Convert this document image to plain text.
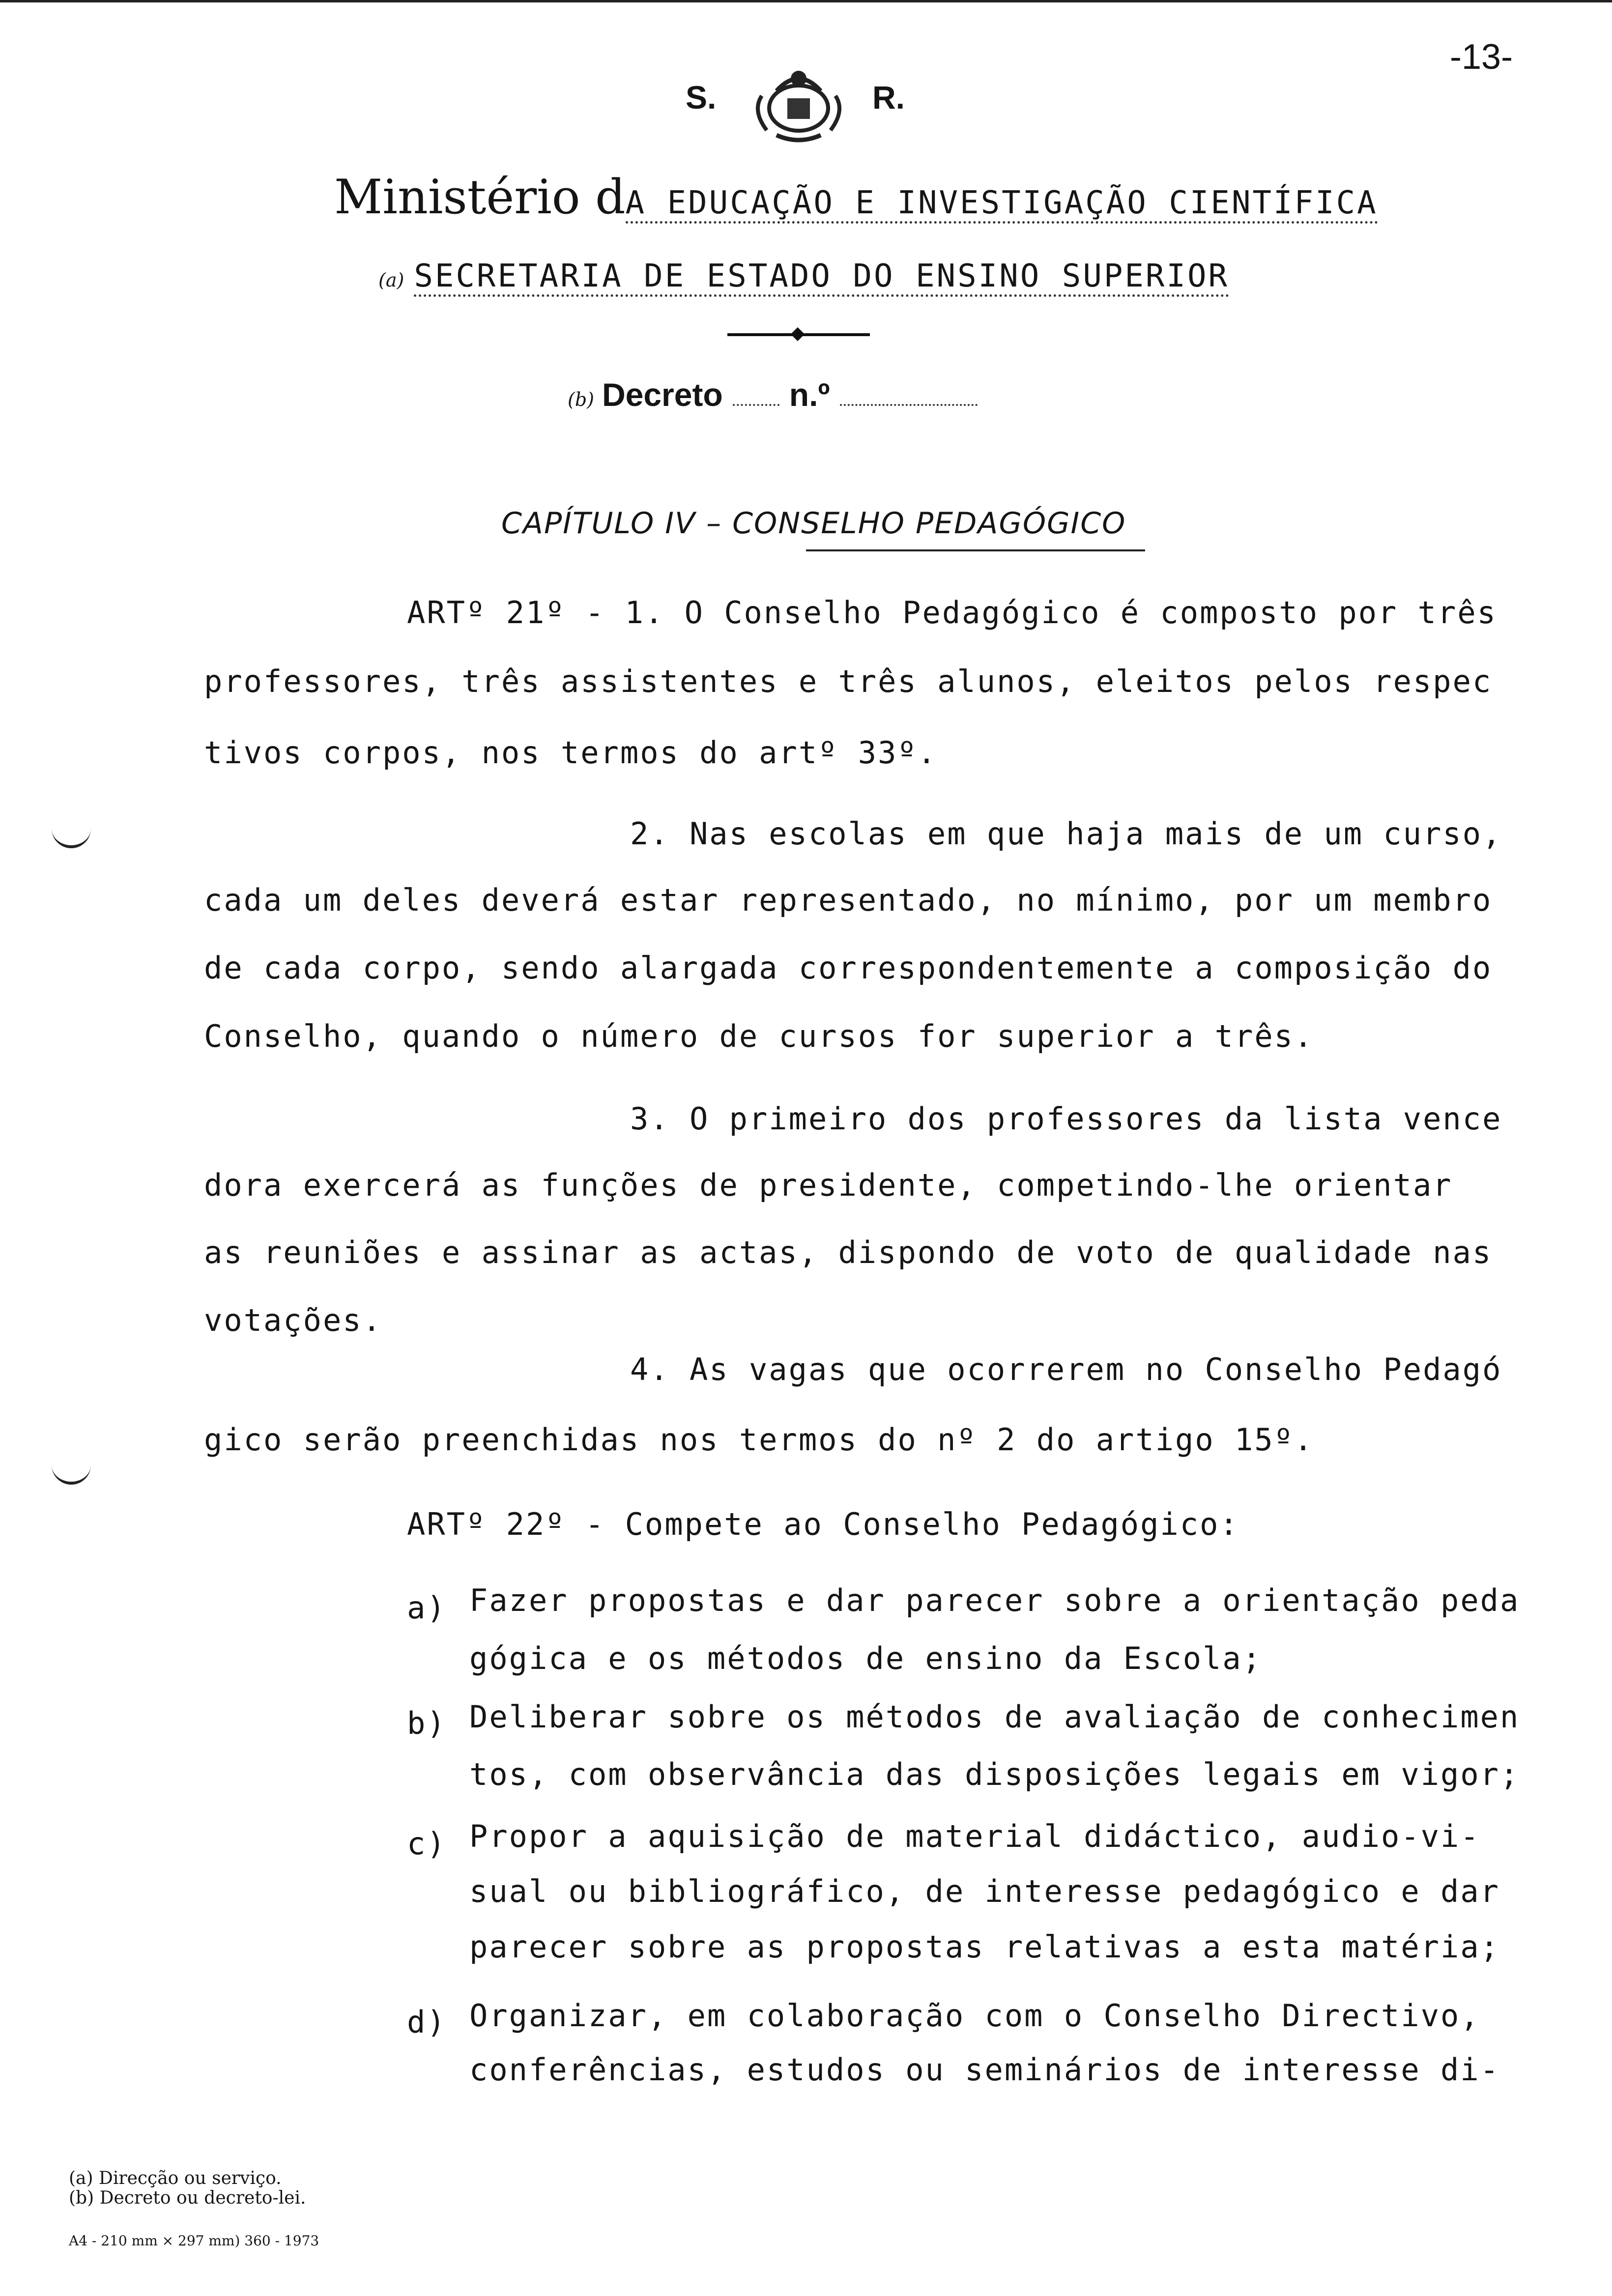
-13-
S.	R.
Ministério dA EDUCAÇÃO E INVESTIGAÇÃO CIENTÍFICA
(a) SECRETARIA DE ESTADO DO ENSINO SUPERIOR
(b) Decreto n.º
CAPÍTULO IV – CONSELHO PEDAGÓGICO
ARTº 21º - 1. O Conselho Pedagógico é composto por três
professores, três assistentes e três alunos, eleitos pelos respec
tivos corpos, nos termos do artº 33º.
2. Nas escolas em que haja mais de um curso,
cada um deles deverá estar representado, no mínimo, por um membro
de cada corpo, sendo alargada correspondentemente a composição do
Conselho, quando o número de cursos for superior a três.
3. O primeiro dos professores da lista vence
dora exercerá as funções de presidente, competindo-lhe orientar
as reuniões e assinar as actas, dispondo de voto de qualidade nas
votações.
4. As vagas que ocorrerem no Conselho Pedagó
gico serão preenchidas nos termos do nº 2 do artigo 15º.
ARTº 22º - Compete ao Conselho Pedagógico:
a) Fazer propostas e dar parecer sobre a orientação peda
gógica e os métodos de ensino da Escola;
b) Deliberar sobre os métodos de avaliação de conhecimen
tos, com observância das disposições legais em vigor;
c) Propor a aquisição de material didáctico, audio-vi-
sual ou bibliográfico, de interesse pedagógico e dar
parecer sobre as propostas relativas a esta matéria;
d) Organizar, em colaboração com o Conselho Directivo,
conferências, estudos ou seminários de interesse di-
(a) Direcção ou serviço.
(b) Decreto ou decreto-lei.
A4 - 210 mm × 297 mm) 360 - 1973
